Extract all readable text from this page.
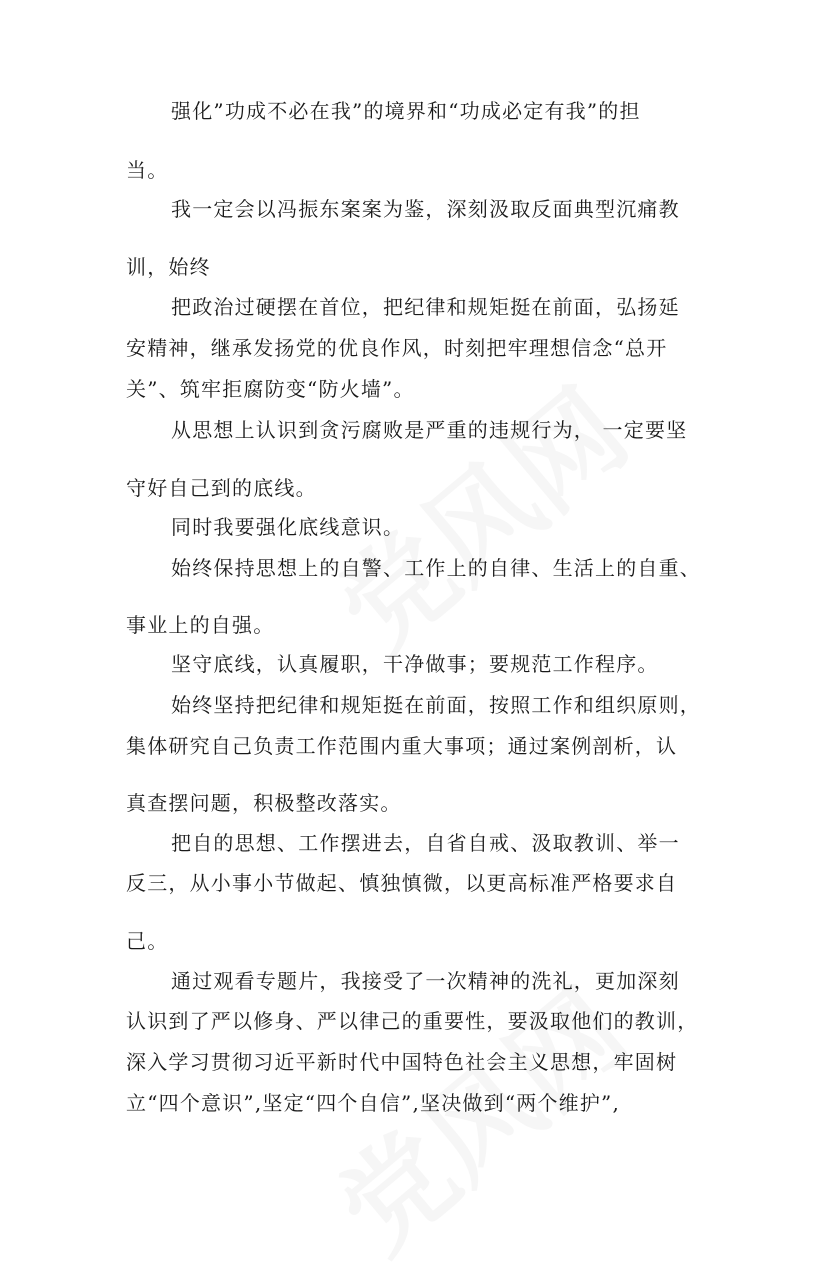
强化”功成不必在我”的境界和“功成必定有我”的担
当。
我一定会以冯振东案案为鉴，深刻汲取反面典型沉痛教
训，始终
把政治过硬摆在首位，把纪律和规矩挺在前面，弘扬延
安精神，继承发扬党的优良作风，时刻把牢理想信念“总开
关”、筑牢拒腐防变“防火墙”。
从思想上认识到贪污腐败是严重的违规行为， 一定要坚
守好自己到的底线。
同时我要强化底线意识。
始终保持思想上的自警、工作上的自律、生活上的自重、
事业上的自强。
坚守底线，认真履职，干净做事；要规范工作程序。
始终坚持把纪律和规矩挺在前面，按照工作和组织原则，
集体研究自己负责工作范围内重大事项；通过案例剖析，认
真查摆问题，积极整改落实。
把自的思想、工作摆进去，自省自戒、汲取教训、举一
反三，从小事小节做起、慎独慎微，以更高标准严格要求自
己。
通过观看专题片，我接受了一次精神的洗礼，更加深刻
认识到了严以修身、严以律己的重要性，要汲取他们的教训，
深入学习贯彻习近平新时代中国特色社会主义思想，牢固树
立“四个意识”,坚定“四个自信”,坚决做到“两个维护”,
